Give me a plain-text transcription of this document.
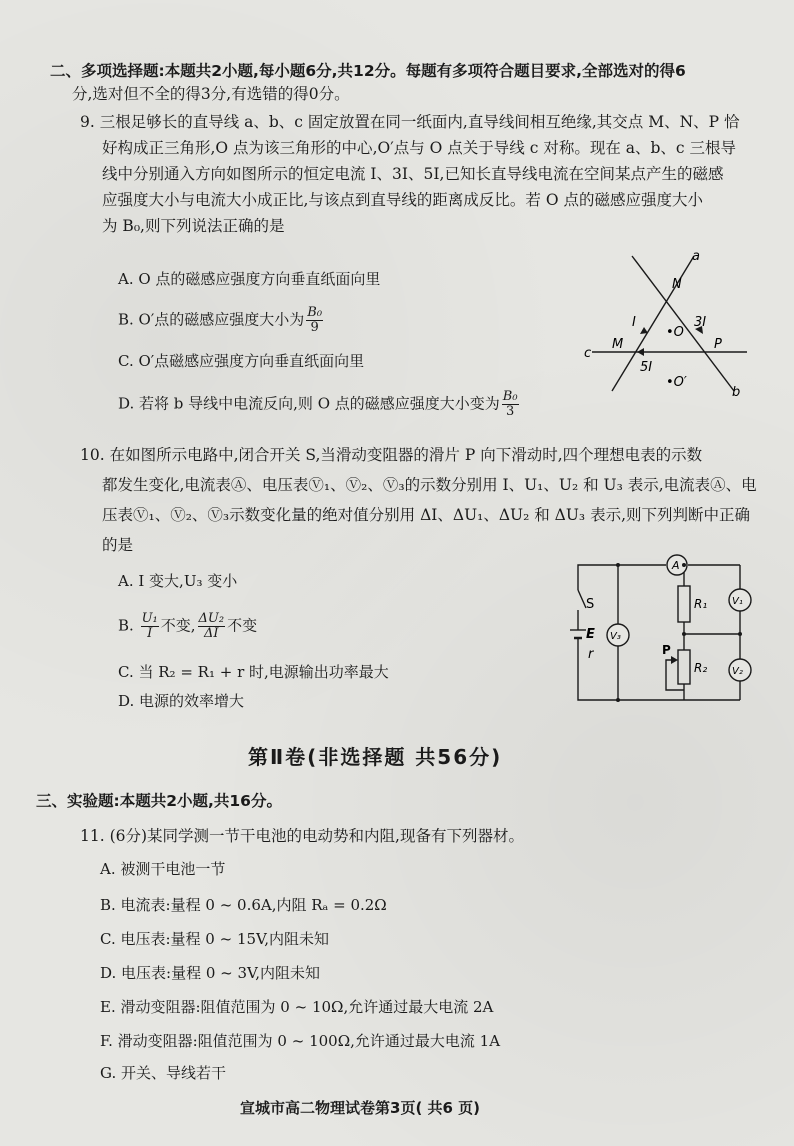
二、多项选择题:本题共2小题,每小题6分,共12分。每题有多项符合题目要求,全部选对的得6
分,选对但不全的得3分,有选错的得0分。
9. 三根足够长的直导线 a、b、c 固定放置在同一纸面内,直导线间相互绝缘,其交点 M、N、P 恰
好构成正三角形,O 点为该三角形的中心,O′点与 O 点关于导线 c 对称。现在 a、b、c 三根导
线中分别通入方向如图所示的恒定电流 I、3I、5I,已知长直导线电流在空间某点产生的磁感
应强度大小与电流大小成正比,与该点到直导线的距离成反比。若 O 点的磁感应强度大小
为 B₀,则下列说法正确的是
A. O 点的磁感应强度方向垂直纸面向里
B. O′点的磁感应强度大小为 $\frac{\text{B₀}}{9}$
C. O′点磁感应强度方向垂直纸面向里
D. 若将 b 导线中电流反向,则 O 点的磁感应强度大小变为 $\frac{\text{B₀}}{3}$
a
b
c
N
M	P
I	3I
5I
•O
•O′
10. 在如图所示电路中,闭合开关 S,当滑动变阻器的滑片 P 向下滑动时,四个理想电表的示数
都发生变化,电流表Ⓐ、电压表Ⓥ₁、Ⓥ₂、Ⓥ₃的示数分别用 I、U₁、U₂ 和 U₃ 表示,电流表Ⓐ、电
压表Ⓥ₁、Ⓥ₂、Ⓥ₃示数变化量的绝对值分别用 ΔI、ΔU₁、ΔU₂ 和 ΔU₃ 表示,则下列判断中正确
的是
A. I 变大,U₃ 变小
B. $\frac{\text{U₁}}{I}$ 不变, $\frac{\text{ΔU₂}}{\Delta I}$ 不变
C. 当 R₂ = R₁ + r 时,电源输出功率最大
D. 电源的效率增大
A
V₃
V₁
V₂
R₁
R₂
S
E
r	P
第Ⅱ卷(非选择题 共56分)
三、实验题:本题共2小题,共16分。
11. (6分)某同学测一节干电池的电动势和内阻,现备有下列器材。
A. 被测干电池一节
B. 电流表:量程 0 ~ 0.6A,内阻 Rₐ = 0.2Ω
C. 电压表:量程 0 ~ 15V,内阻未知
D. 电压表:量程 0 ~ 3V,内阻未知
E. 滑动变阻器:阻值范围为 0 ~ 10Ω,允许通过最大电流 2A
F. 滑动变阻器:阻值范围为 0 ~ 100Ω,允许通过最大电流 1A
G. 开关、导线若干
宣城市高二物理试卷第3页( 共6 页)
